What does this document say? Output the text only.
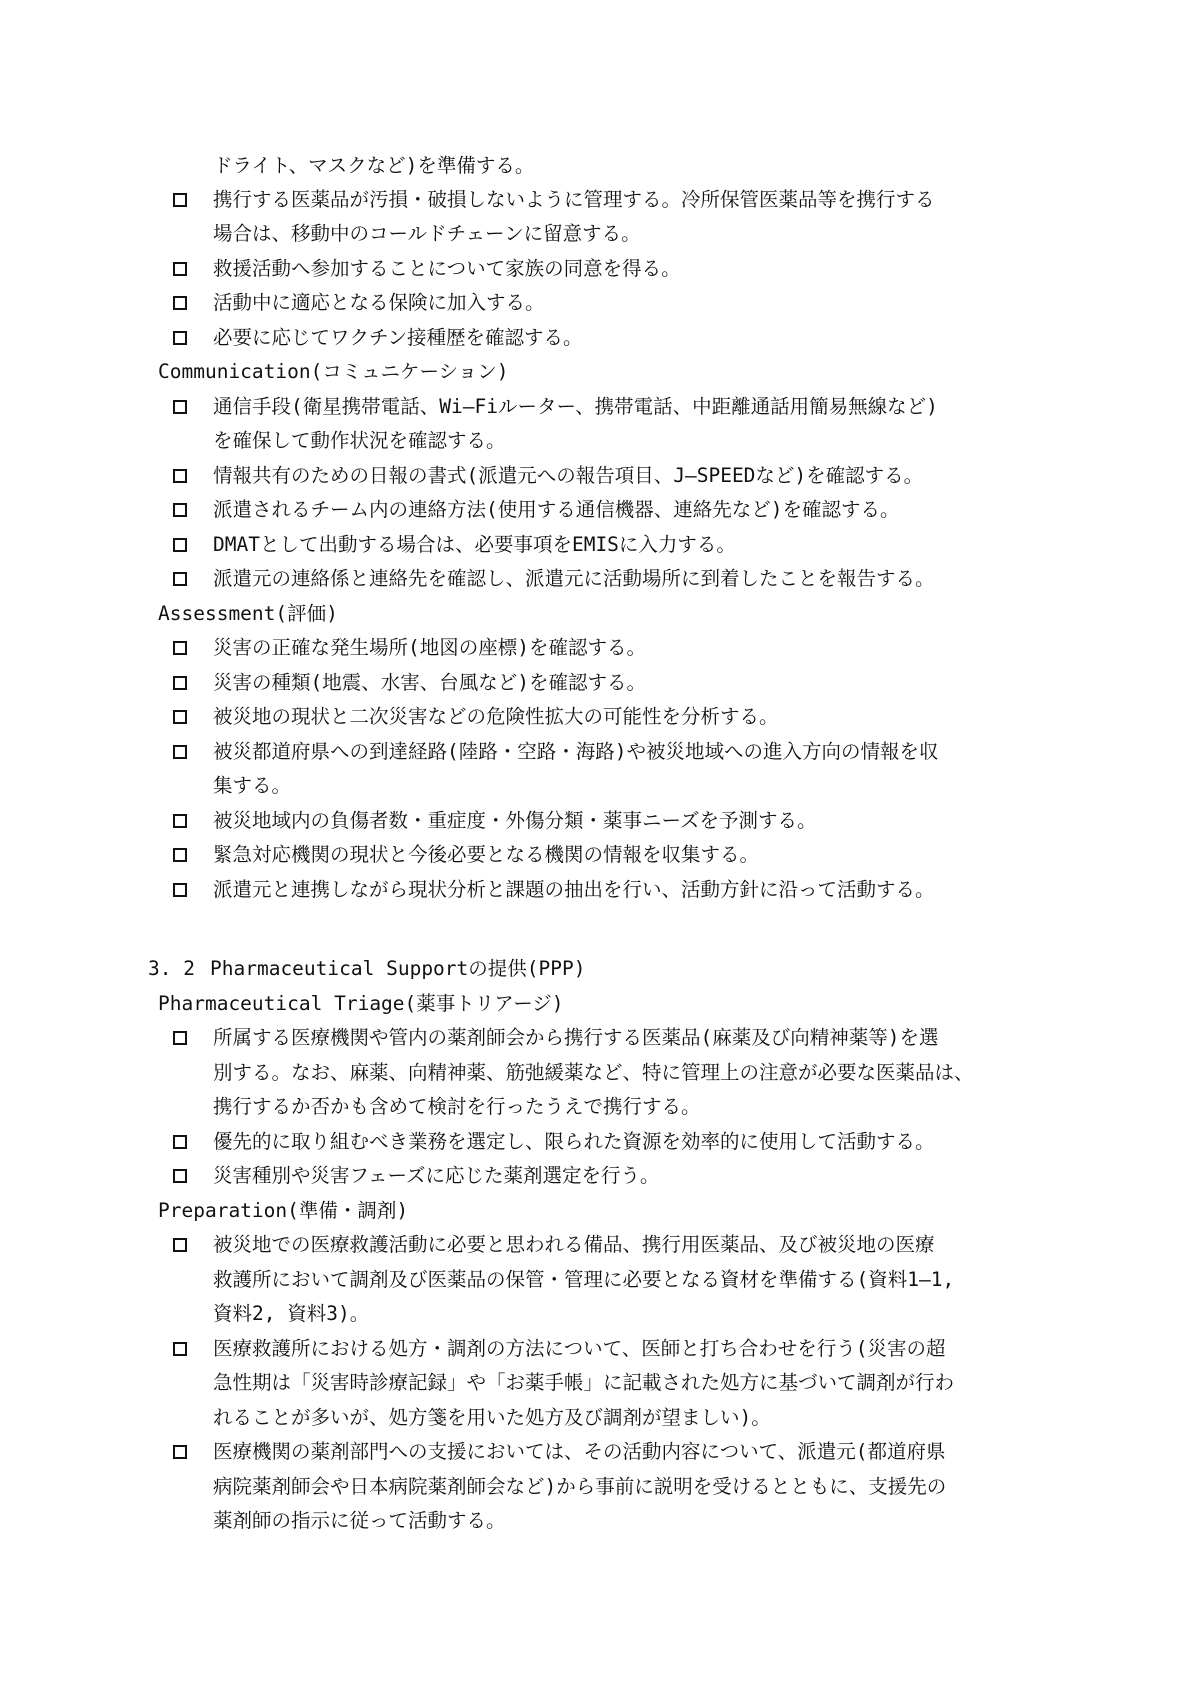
ドライト、マスクなど)を準備する。
携行する医薬品が汚損・破損しないように管理する。冷所保管医薬品等を携行する
場合は、移動中のコールドチェーンに留意する。
救援活動へ参加することについて家族の同意を得る。
活動中に適応となる保険に加入する。
必要に応じてワクチン接種歴を確認する。
Communication(コミュニケーション)
通信手段(衛星携帯電話、Wi—Fiルーター、携帯電話、中距離通話用簡易無線など)
を確保して動作状況を確認する。
情報共有のための日報の書式(派遣元への報告項目、J—SPEEDなど)を確認する。
派遣されるチーム内の連絡方法(使用する通信機器、連絡先など)を確認する。
DMATとして出動する場合は、必要事項をEMISに入力する。
派遣元の連絡係と連絡先を確認し、派遣元に活動場所に到着したことを報告する。
Assessment(評価)
災害の正確な発生場所(地図の座標)を確認する。
災害の種類(地震、水害、台風など)を確認する。
被災地の現状と二次災害などの危険性拡大の可能性を分析する。
被災都道府県への到達経路(陸路・空路・海路)や被災地域への進入方向の情報を収
集する。
被災地域内の負傷者数・重症度・外傷分類・薬事ニーズを予測する。
緊急対応機関の現状と今後必要となる機関の情報を収集する。
派遣元と連携しながら現状分析と課題の抽出を行い、活動方針に沿って活動する。
3. 2 Pharmaceutical Supportの提供(PPP)
Pharmaceutical Triage(薬事トリアージ)
所属する医療機関や管内の薬剤師会から携行する医薬品(麻薬及び向精神薬等)を選
別する。なお、麻薬、向精神薬、筋弛緩薬など、特に管理上の注意が必要な医薬品は、
携行するか否かも含めて検討を行ったうえで携行する。
優先的に取り組むべき業務を選定し、限られた資源を効率的に使用して活動する。
災害種別や災害フェーズに応じた薬剤選定を行う。
Preparation(準備・調剤)
被災地での医療救護活動に必要と思われる備品、携行用医薬品、及び被災地の医療
救護所において調剤及び医薬品の保管・管理に必要となる資材を準備する(資料1—1,
資料2, 資料3)。
医療救護所における処方・調剤の方法について、医師と打ち合わせを行う(災害の超
急性期は「災害時診療記録」や「お薬手帳」に記載された処方に基づいて調剤が行わ
れることが多いが、処方箋を用いた処方及び調剤が望ましい)。
医療機関の薬剤部門への支援においては、その活動内容について、派遣元(都道府県
病院薬剤師会や日本病院薬剤師会など)から事前に説明を受けるとともに、支援先の
薬剤師の指示に従って活動する。
